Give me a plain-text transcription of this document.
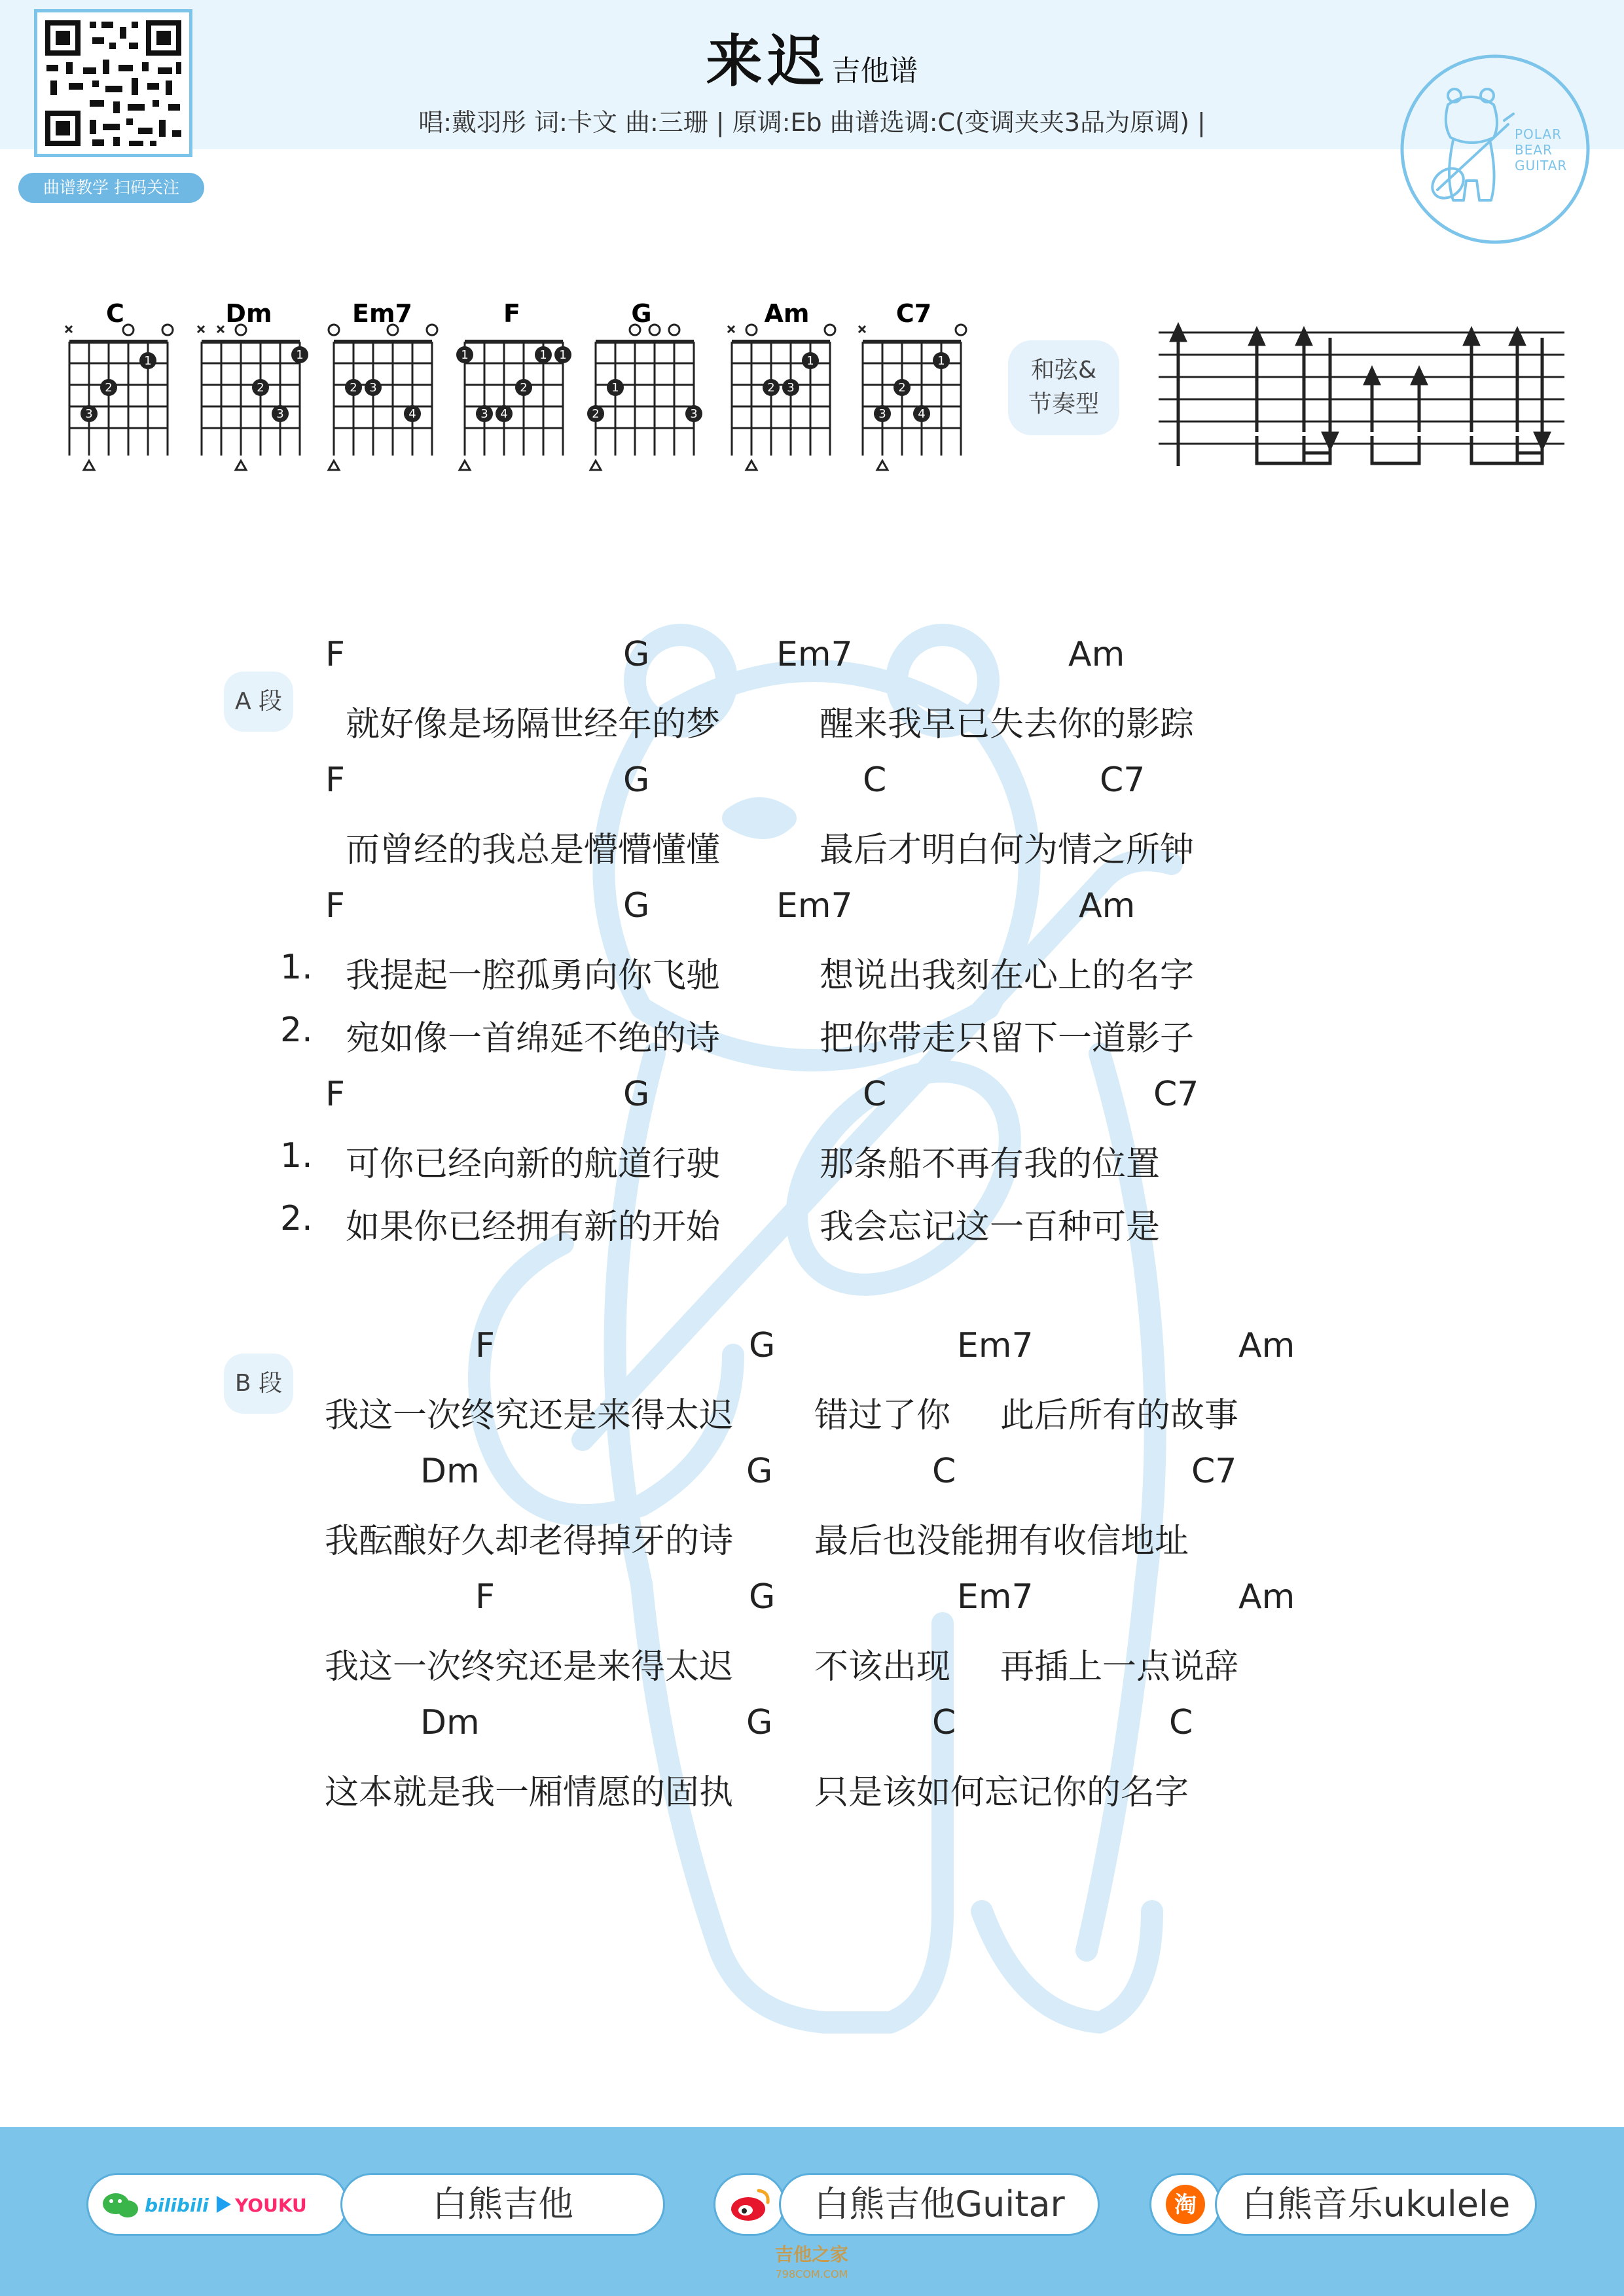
曲谱教学 扫码关注
来迟吉他谱
唱:戴羽彤 词:卡文 曲:三珊 | 原调:Eb 曲谱选调:C(变调夹夹3品为原调) |	POLAR
BEAR
GUITAR
C
1
2
3
Dm
1
2
3
Em7
2 3
4
F
1	1 1
2
3 4
G
1
2	3
Am
1
2 3
C7
1
2
3	4
和弦&
节奏型
A 段
F	G	Em7	Am
就好像是场隔世经年的梦	醒来我早已失去你的影踪
F	G	C	C7
而曾经的我总是懵懵懂懂	最后才明白何为情之所钟
F	G	Em7	Am
1. 我提起一腔孤勇向你飞驰	想说出我刻在心上的名字
2. 宛如像一首绵延不绝的诗	把你带走只留下一道影子
F	G	C	C7
1. 可你已经向新的航道行驶	那条船不再有我的位置
2. 如果你已经拥有新的开始	我会忘记这一百种可是
B 段
F	G	Em7	Am
我这一次终究还是来得太迟 错过了你 此后所有的故事
Dm	G	C	C7
我酝酿好久却老得掉牙的诗 最后也没能拥有收信地址
F	G	Em7	Am
我这一次终究还是来得太迟 不该出现 再插上一点说辞
Dm	G	C	C
这本就是我一厢情愿的固执 只是该如何忘记你的名字
bilibili YOUKU	白熊吉他	白熊吉他Guitar	淘	白熊音乐ukulele
吉他之家
798COM.COM
